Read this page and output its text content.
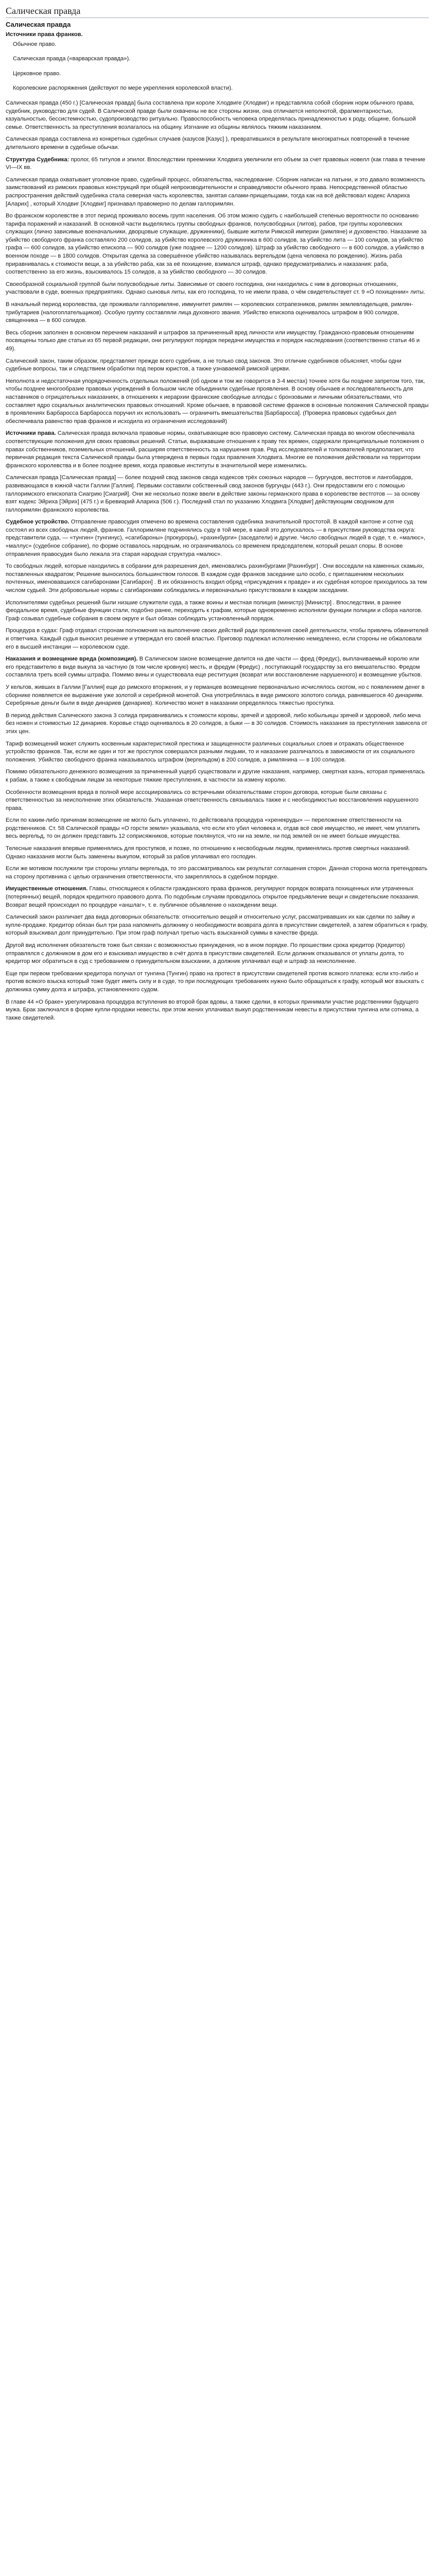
Салическая правда
Салическая правда
Источники права франков.
Обычное право.
Салическая правда («варварская правда»).
Церковное право.
Королевские распоряжения (действуют по мере укрепления королевской власти).
Салическая правда (450 г.) [Салическая правда] была составлена при короле Хлодвиге (Хлодвиг) и представляла собой сборник норм обычного права, судебник, руководство для судей. В Салической правде были охвачены не все стороны жизни, она отличается неполнотой, фрагментарностью, казуальностью, бессистемностью, судопроизводство ритуально. Правоспособность человека определялась принадлежностью к роду, общине, большой семье. Ответственность за преступления возлагалось на общину. Изгнание из общины являлось тяжким наказанием.
Салическая правда составлена из конкретных судебных случаев (казусов [Казус] ), превратившихся в результате многократных повторений в течение длительного времени в судебные обычаи.
Структура Судебника: пролог, 65 титулов и эпилог. Впоследствии преемники Хлодвига увеличили его объем за счет правовых новелл (как глава в течение VI—IX вв.
Салическая правда охватывает уголовное право, судебный процесс, обязательства, наследование. Сборник написан на латыни, и это давало возможность заимствований из римских правовых конструкций при общей непроизводительности и справедливости обычного права. Непосредственной областью распространения действий судебника стала северная часть королевства, занятая салами-прищельцами, тогда как на всё действовал кодекс Алариха [Аларих] , который Хлодвиг [Хлодвиг] признавал правомерно по делам галлоримлян.
Во франкском королевстве в этот период проживало восемь групп населения. Об этом можно судить с наибольшей степенью вероятности по основанию тарифа поражений и наказаний. В основной части выделялись группы свободных франков, полусвободных (литов), рабов, три группы королевских служащих (лично зависимые военачальники, дворцовые служащие, дружинники), бывшие жители Римской империи (римляне) и духовенство. Наказание за убийство свободного франка составляло 200 солидов, за убийство королевского дружинника в 600 солидов, за убийство лита — 100 солидов, за убийство графа — 600 солидов, за убийство епископа — 900 солидов (уже позднее — 1200 солидов). Штраф за убийство свободного — в 600 солидов, а убийство в военном походе — в 1800 солидов. Открытая сделка за совершённое убийство называлась вергельдом (цена человека по рождению). Жизнь раба приравнивалась к стоимости вещи, а за убийство раба, как за её похищение, взимался штраф, однако предусматривались и наказания: раба, соответственно за его жизнь, взыскивалось 15 солидов, а за убийство свободного — 30 солидов.
Своеобразной социальной группой были полусвободные литы. Зависимые от своего господина, они находились с ним в договорных отношениях, участвовали в суде, военных предприятиях. Однако сыновья литы, как его господина, то не имели права, о чём свидетельствует ст. 9 «О похищении» литы.
В начальный период королевства, где проживали галлоримляне, иммунитет римлян — королевских сотрапезников, римлян землевладельцев, римлян-трибутариев (налогоплательщиков). Особую группу составляли лица духовного звания. Убийство епископа оценивалось штрафом в 900 солидов, священника — в 600 солидов.
Весь сборник заполнен в основном перечнем наказаний и штрафов за причиненный вред личности или имуществу. Гражданско-правовым отношениям посвящены только две статьи из 65 первой редакции, они регулируют порядок передачи имущества и порядок наследования (соответственно статьи 46 и 49).
Салический закон, таким образом, представляет прежде всего судебник, а не только свод законов. Это отличие судебников объясняет, чтобы одни судебные вопросы, так и следствием обработки под пером юристов, а также узнаваемой римской церкви.
Неполнота и недостаточная упорядоченность отдельных положений (об одном и том же говорится в 3-4 местах) точнее хотя бы позднее запретом того, так, чтобы позднее многообразие правовых учреждений в большом числе объединили судебные проявления. В основу обычаев и последовательность для наставников о отрицательных наказаниях, в отношениях к иерархии франкские свободные аллоды с бронзовыми и личными обязательствами, что составляет ядро социальных аналитических правовых отношений. Кроме обычаев, в правовой системе франков в основные положения Салической правды в проявлениях Барбаросса Барбаросса поручил их использовать — ограничить вмешательства [Барбаросса]. (Проверка правовых судебных дел обеспечивала равенство прав франков и исходила из ограничения исследований)
Источники права. Салическая правда включала правовые нормы, охватывающие всю правовую систему. Салическая правда во многом обеспечивала соответствующие положения для своих правовых решений. Статьи, выражавшие отношения к праву тех времен, содержали принципиальные положения о правах собственников, поземельных отношений, расширяя ответственность за нарушения прав. Ряд исследователей и толкователей предполагает, что первичная редакция текста Салической правды была утверждена в первых годах правления Хлодвига. Многие ее положения действовали на территории франкского королевства и в более позднее время, когда правовые институты в значительной мере изменились.
Салическая правда [Салическая правда] — более поздний свод законов свода кодексов трёх союзных народов — бургундов, вестготов и лангобардов, развивающаяся в южной части Галлии [Галлия]. Первыми составили собственный свод законов бургунды (443 г.). Они предоставили его с помощью галлоримского епископата Сиагрию [Сиагрий]. Они же несколько позже ввели в действие законы германского права в королевстве вестготов — за основу взят кодекс Эйриха [Эйрих] (475 г.) и Бревиарий Алариха (506 г.). Последний стал по указанию Хлодвига [Хлодвиг] действующим сводником для галлоримлян франкского королевства.
Судебное устройство. Отправление правосудия отмечено во времена составления судебника значительной простотой. В каждой кантоне и сотне суд состоял из всех свободных людей, франков. Галлоримляне подчинялись суду в той мере, в какой это допускалось — в присутствии руководства округа: представители суда, — «тунгин» (тунгинус), «сагибароны» (прокуроры), «рахинбурги» (заседатели) и другие. Число свободных людей в суде, т. е. «малюс», «маллус» (судебное собрание), по форме оставалось народным, но ограничивалось со временем председателем, который решал споры. В основе отправления правосудия было лежала эта старая народная структура «малюс».
То свободных людей, которые находились в собрании для разрешения дел, именовались рахинбургами [Рахинбург] . Они восседали на каменных скамьях, поставленных квадратом; Решение выносилось большинством голосов. В каждом суде франков заседание шло особо, с приглашением нескольких почтенных, именовавшихся сагибаронами [Сагибарон] . В их обязанность входил обряд «присуждения к правде» и их судебная которое приходилось за тем числом судьей. Эти добровольные нормы с сагибаронами соблюдались и первоначально присутствовали в каждом заседании.
Исполнителями судебных решений были низшие служители суда, а также воины и местная полиция (министр) [Министр] . Впоследствии, в раннее феодальное время, судебные функции стали, подобно ранее, переходить к графам, которые одновременно исполняли функции полиции и сбора налогов. Граф созывал судебные собрания в своем округе и был обязан соблюдать установленный порядок.
Процедура в судах: Граф отдавал сторонам полномочия на выполнение своих действий ради проявления своей деятельности, чтобы привлечь обвинителей и ответчика. Каждый судья выносил решение и утверждал его своей властью. Приговор подлежал исполнению немедленно, если стороны не обжаловали его в высшей инстанции — королевском суде.
Наказания и возмещение вреда (композиция). В Салическом законе возмещение делится на две части — фред (Фредус), выплачиваемый королю или его представителю в виде выкупа за частную (в том числе кровную) месть, и фредум (Фредус) , поступающий государству за его вмешательство. Фредом составляла треть всей суммы штрафа. Помимо вины и существовала еще реституция (возврат или восстановление нарушенного) и возмещение убытков.
У кельтов, живших в Галлии [Галлия] еще до римского вторжения, и у германцев возмещение первоначально исчислялось скотом, но с появлением денег в сборнике появляется ее выражение уже золотой и серебряной монетой. Она употреблялась в виде римского золотого солида, равнявшегося 40 динариям. Серебряные деньги были в виде динариев (денариев). Количество монет в наказании определялось тяжестью проступка.
В период действия Салического закона 3 солида приравнивались к стоимости коровы, зрячей и здоровой, либо кобыльицы зрячей и здоровой, либо меча без ножен и стоимостью 12 динариев. Коровье стадо оценивалось в 20 солидов, а быки — в 30 солидов. Стоимость наказания за преступления зависела от этих цен.
Тариф возмещений может служить косвенным характеристикой престижа и защищенности различных социальных слоев и отражать общественное устройство франков. Так, если же один и тот же проступок совершался разными людьми, то и наказание различалось в зависимости от их социального положения. Убийство свободного франка наказывалось штрафом (вергельдом) в 200 солидов, а римлянина — в 100 солидов.
Помимо обязательного денежного возмещения за причиненный ущерб существовали и другие наказания, например, смертная казнь, которая применялась к рабам, а также к свободным лицам за некоторые тяжкие преступления, в частности за измену королю.
Особенности возмещения вреда в полной мере ассоциировались со встречными обязательствами сторон договора, которые были связаны с ответственностью за неисполнение этих обязательств. Указанная ответственность связывалась также и с необходимостью восстановления нарушенного права.
Если по каким-либо причинам возмещение не могло быть уплачено, то действовала процедура «хренекруды» — переложение ответственности на родственников. Ст. 58 Салической правды «О горсти земли» указывала, что если кто убил человека и, отдав всё своё имущество, не имеет, чем уплатить весь вергельд, то он должен представить 12 соприсяжников, которые поклянутся, что ни на земле, ни под землей он не имеет больше имущества.
Телесные наказания впервые применялись для проступков, и позже, по отношению к несвободным людям, применялись против смертных наказаний. Однако наказания могли быть заменены выкупом, который за рабов уплачивал его господин.
Если же мотивом послужили три стороны уплаты вергельда, то это рассматривалось как результат соглашения сторон. Данная сторона могла претендовать на сторону противника с целью ограничения ответственности, что закреплялось в судебном порядке.
Имущественные отношения. Главы, относящиеся к области гражданского права франков, регулируют порядок возврата похищенных или утраченных (потерянных) вещей, порядок кредитного правового долга. По подобным случаям проводилось открытое предъявление вещи и свидетельские показания. Возврат вещей происходил по процедуре «аншлаг», т. е. публичное объявление о нахождении вещи.
Салический закон различает два вида договорных обязательств: относительно вещей и относительно услуг, рассматривавших их как сделки по займу и купле-продаже. Кредитор обязан был три раза напомнить должнику о необходимости возврата долга в присутствии свидетелей, а затем обратиться к графу, который взыскивал долг принудительно. При этом граф получал третью часть взысканной суммы в качестве фреда.
Другой вид исполнения обязательств тоже был связан с возможностью принуждения, но в ином порядке. По прошествии срока кредитор (Кредитор) отправлялся с должником в дом его и взыскивал имущество в счёт долга в присутствии свидетелей. Если должник отказывался от уплаты долга, то кредитор мог обратиться в суд с требованием о принудительном взыскании, а должник уплачивал ещё и штраф за неисполнение.
Еще при первом требовании кредитора получал от тунгина (Тунгин) право на протест в присутствии свидетелей против всякого платежа: если кто-либо и против всякого взыска который тоже будет иметь силу и в суде, то при последующих требованиях нужно было обращаться к графу, который мог взыскать с должника сумму долга и штрафа, установленного судом.
В главе 44 «О браке» урегулирована процедура вступления во второй брак вдовы, а также сделки, в которых принимали участие родственники будущего мужа. Брак заключался в форме купли-продажи невесты, при этом жених уплачивал выкуп родственникам невесты в присутствии тунгина или сотника, а также свидетелей.
